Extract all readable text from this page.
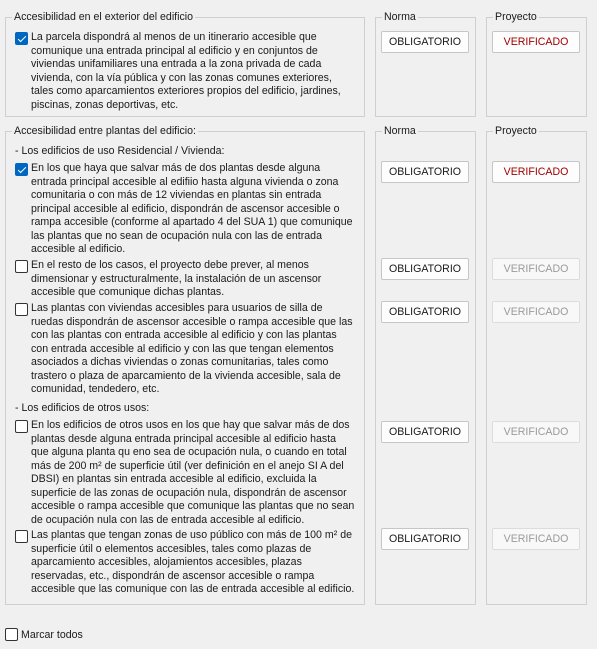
Accesibilidad en el exterior del edificio	Norma	Proyecto
La parcela dispondrá al menos de un itinerario accesible que comunique una entrada principal al edificio y en conjuntos de viviendas unifamiliares una entrada a la zona privada de cada vivienda, con la vía pública y con las zonas comunes exteriores, tales como aparcamientos exteriores propios del edificio, jardines, piscinas, zonas deportivas, etc.
OBLIGATORIO	VERIFICADO
Accesibilidad entre plantas del edificio:	Norma	Proyecto
- Los edificios de uso Residencial / Vivienda:
En los que haya que salvar más de dos plantas desde alguna entrada principal accesible al edifiio hasta alguna vivienda o zona comunitaria o con más de 12 viviendas en plantas sin entrada principal accesible al edificio, dispondrán de ascensor accesible o rampa accesible (conforme al apartado 4 del SUA 1) que comunique las plantas que no sean de ocupación nula con las de entrada accesible al edificio.
OBLIGATORIO	VERIFICADO
En el resto de los casos, el proyecto debe prever, al menos dimensionar y estructuralmente, la instalación de un ascensor accesible que comunique dichas plantas.
OBLIGATORIO	VERIFICADO
Las plantas con viviendas accesibles para usuarios de silla de ruedas dispondrán de ascensor accesible o rampa accesible que las con las plantas con entrada accesible al edificio y con las plantas con entrada accesible al edificio y con las que tengan elementos asociados a dichas viviendas o zonas comunitarias, tales como trastero o plaza de aparcamiento de la vivienda accesible, sala de comunidad, tendedero, etc.
OBLIGATORIO	VERIFICADO
- Los edificios de otros usos:
En los edificios de otros usos en los que hay que salvar más de dos plantas desde alguna entrada principal accesible al edificio hasta que alguna planta qu eno sea de ocupación nula, o cuando en total más de 200 m² de superficie útil (ver definición en el anejo SI A del DBSI) en plantas sin entrada accesible al edificio, excluida la superficie de las zonas de ocupación nula, dispondrán de ascensor accesible o rampa accesible que comunique las plantas que no sean de ocupación nula con las de entrada accesible al edificio.
OBLIGATORIO	VERIFICADO
Las plantas que tengan zonas de uso público con más de 100 m² de superficie útil o elementos accesibles, tales como plazas de aparcamiento accesibles, alojamientos accesibles, plazas reservadas, etc., dispondrán de ascensor accesible o rampa accesible que las comunique con las de entrada accesible al edificio.
OBLIGATORIO	VERIFICADO
Marcar todos
